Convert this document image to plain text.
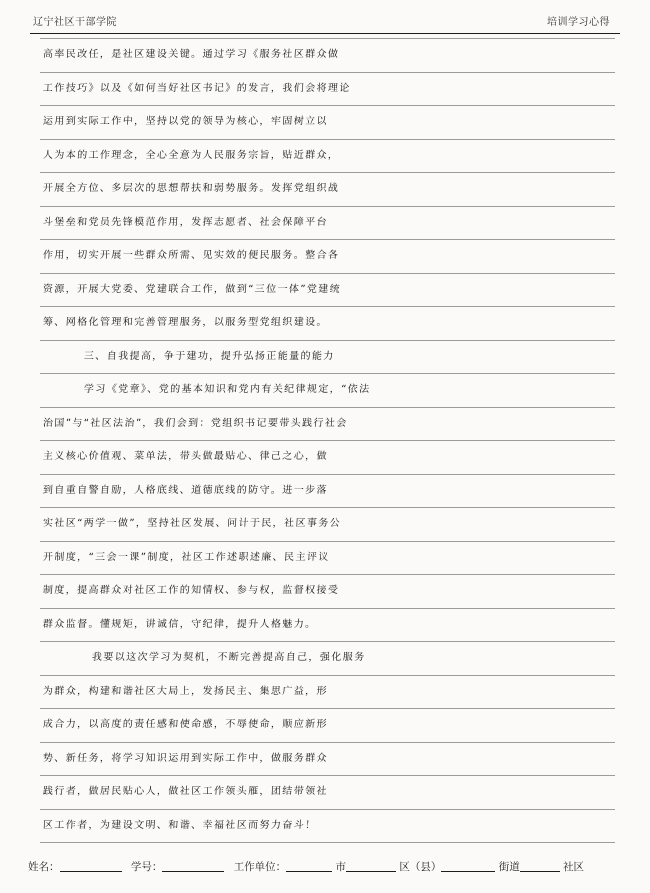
辽宁社区干部学院	培训学习心得
高率民改任，是社区建设关键。通过学习《服务社区群众做
工作技巧》以及《如何当好社区书记》的发言，我们会将理论
运用到实际工作中，坚持以党的领导为核心，牢固树立以
人为本的工作理念，全心全意为人民服务宗旨，贴近群众，
开展全方位、多层次的思想帮扶和弱势服务。发挥党组织战
斗堡垒和党员先锋模范作用，发挥志愿者、社会保障平台
作用，切实开展一些群众所需、见实效的便民服务。整合各
资源，开展大党委、党建联合工作，做到“三位一体”党建统
筹、网格化管理和完善管理服务，以服务型党组织建设。
三、自我提高，争于建功，提升弘扬正能量的能力
学习《党章》、党的基本知识和党内有关纪律规定，“依法
治国”与“社区法治”，我们会到：党组织书记要带头践行社会
主义核心价值观、菜单法，带头做最贴心、律己之心，做
到自重自警自励，人格底线、道德底线的防守。进一步落
实社区“两学一做”，坚持社区发展、问计于民，社区事务公
开制度，“三会一课”制度，社区工作述职述廉、民主评议
制度，提高群众对社区工作的知情权、参与权，监督权接受
群众监督。懂规矩，讲诚信，守纪律，提升人格魅力。
我要以这次学习为契机，不断完善提高自己，强化服务
为群众，构建和谐社区大局上，发扬民主、集思广益，形
成合力，以高度的责任感和使命感，不辱使命，顺应新形
势、新任务，将学习知识运用到实际工作中，做服务群众
践行者，做居民贴心人，做社区工作领头雁，团结带领社
区工作者，为建设文明、和谐、幸福社区而努力奋斗！
姓名：	学号：	工作单位：	市	区（县）	街道	社区
